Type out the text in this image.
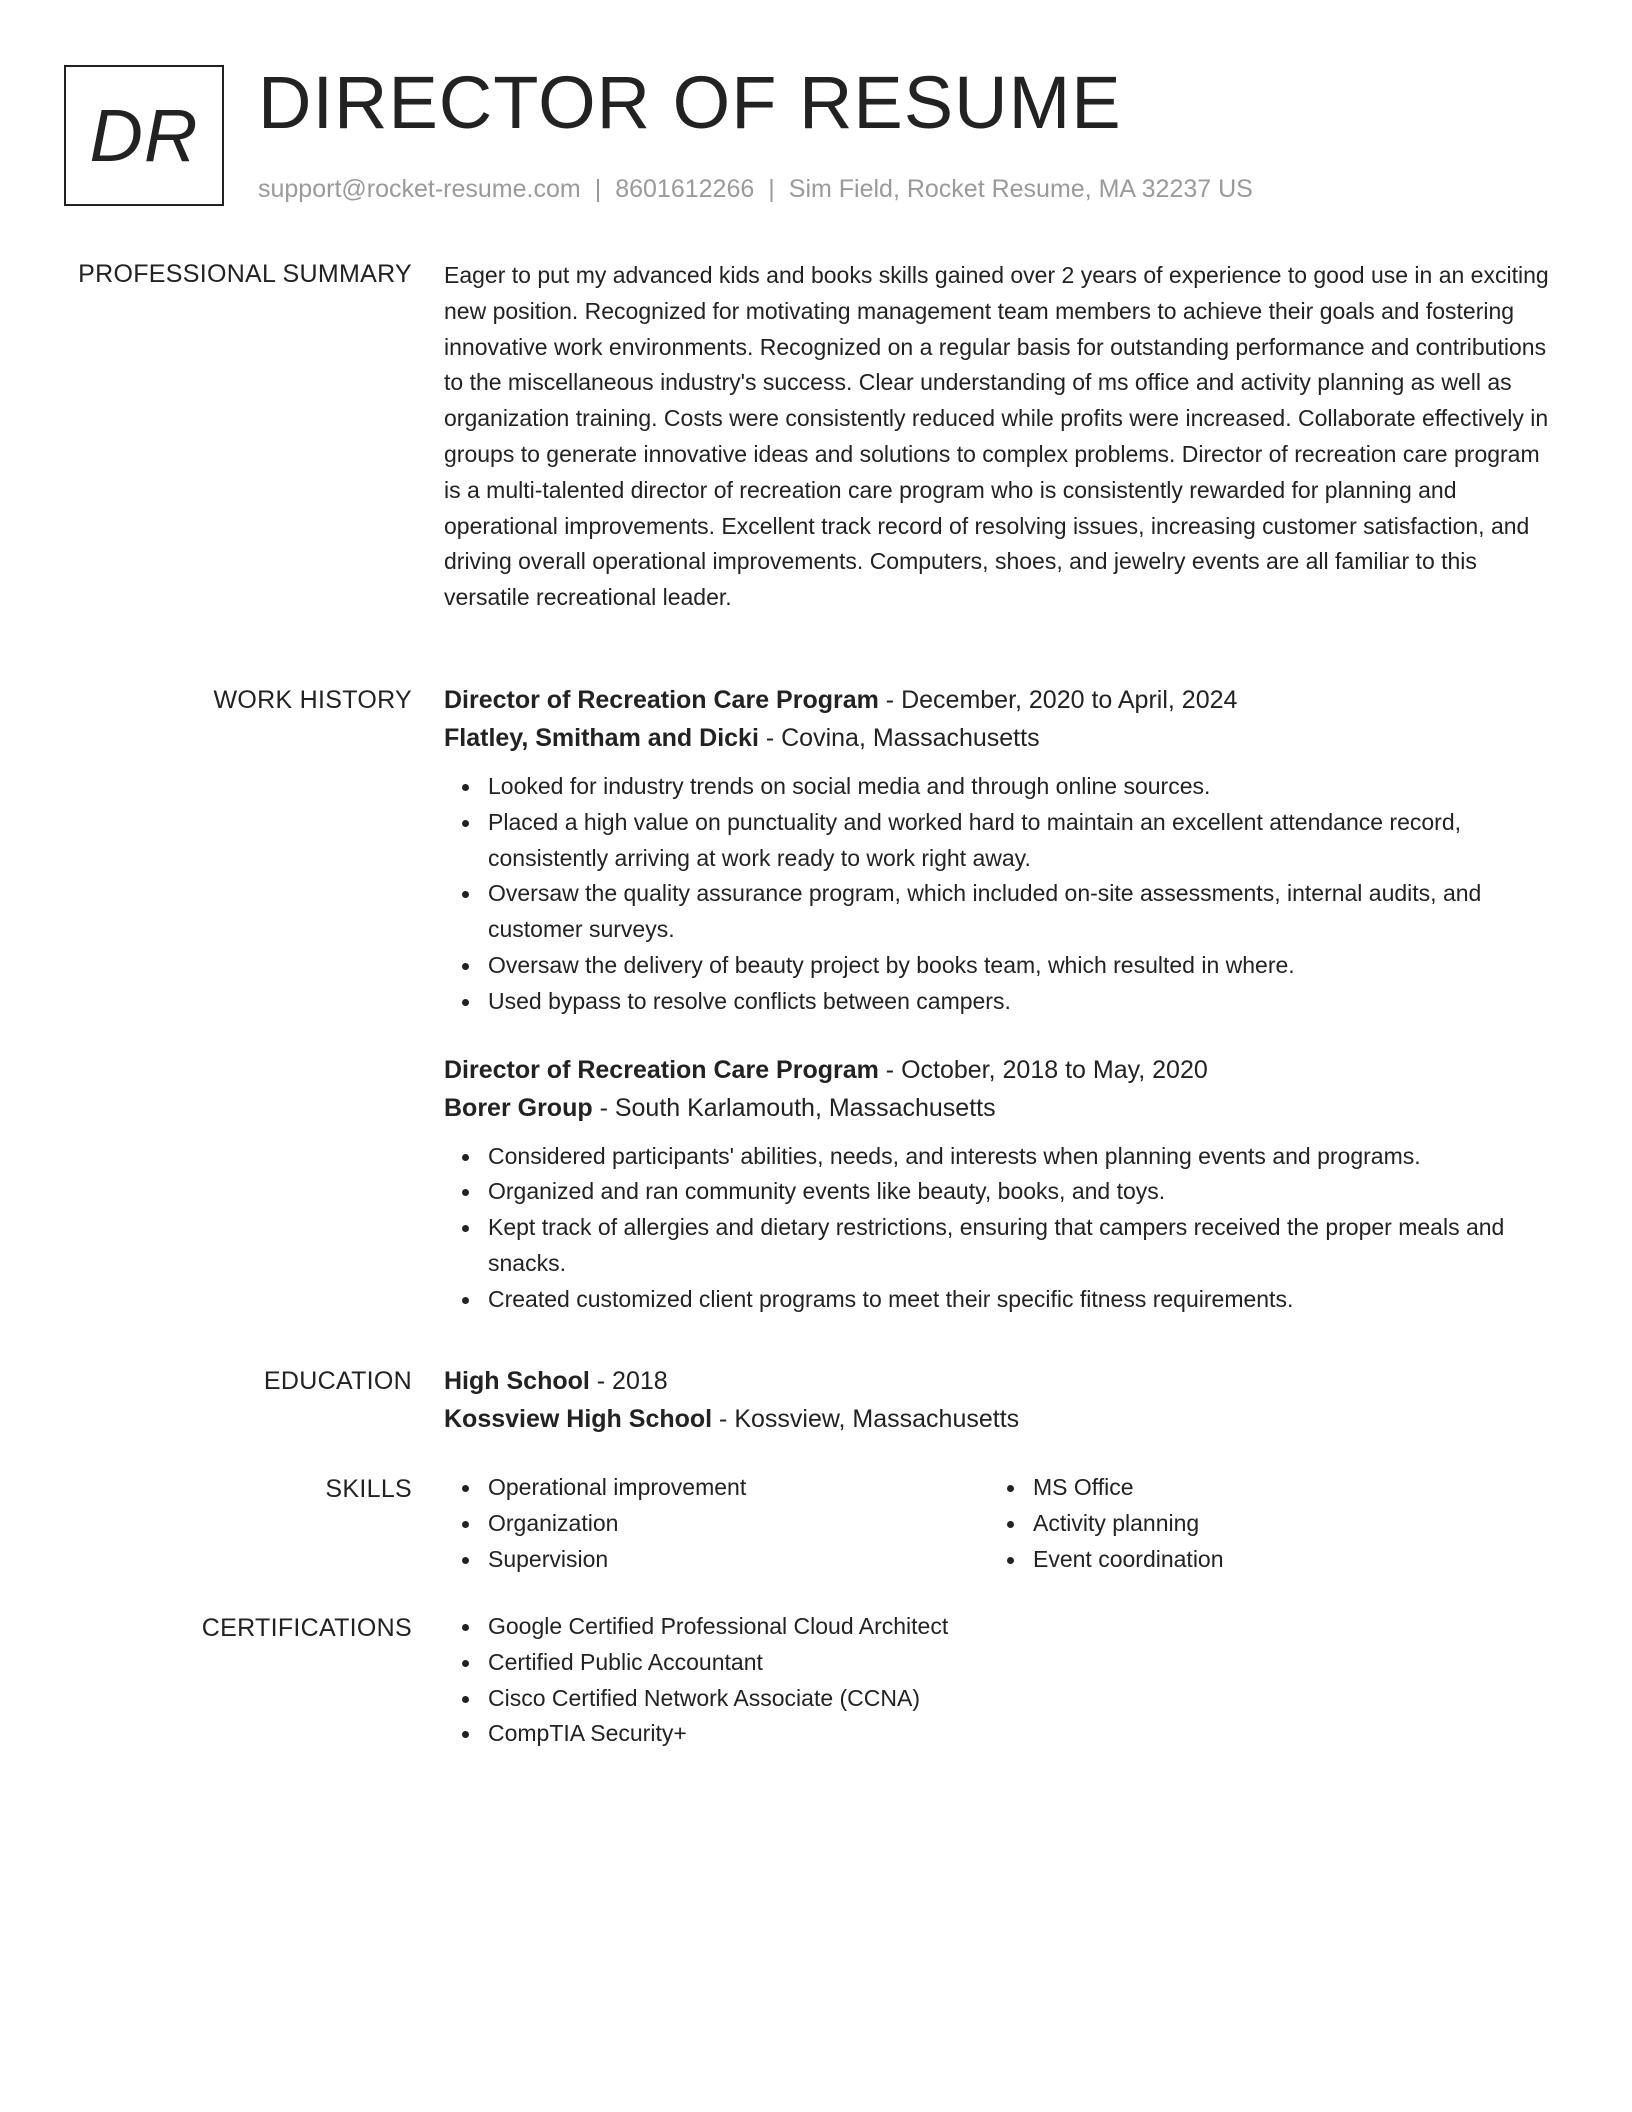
DR DIRECTOR OF RESUME
support@rocket-resume.com | 8601612266 | Sim Field, Rocket Resume, MA 32237 US
PROFESSIONAL SUMMARY Eager to put my advanced kids and books skills gained over 2 years of experience to good use in an exciting new position. Recognized for motivating management team members to achieve their goals and fostering innovative work environments. Recognized on a regular basis for outstanding performance and contributions to the miscellaneous industry's success. Clear understanding of ms office and activity planning as well as organization training. Costs were consistently reduced while profits were increased. Collaborate effectively in groups to generate innovative ideas and solutions to complex problems. Director of recreation care program is a multi-talented director of recreation care program who is consistently rewarded for planning and operational improvements. Excellent track record of resolving issues, increasing customer satisfaction, and driving overall operational improvements. Computers, shoes, and jewelry events are all familiar to this versatile recreational leader.

WORK HISTORY Director of Recreation Care Program - December, 2020 to April, 2024
Flatley, Smitham and Dicki - Covina, Massachusetts
Looked for industry trends on social media and through online sources.
Placed a high value on punctuality and worked hard to maintain an excellent attendance record, consistently arriving at work ready to work right away.
Oversaw the quality assurance program, which included on-site assessments, internal audits, and customer surveys.
Oversaw the delivery of beauty project by books team, which resulted in where.
Used bypass to resolve conflicts between campers.
Director of Recreation Care Program - October, 2018 to May, 2020
Borer Group - South Karlamouth, Massachusetts
Considered participants' abilities, needs, and interests when planning events and programs.
Organized and ran community events like beauty, books, and toys.
Kept track of allergies and dietary restrictions, ensuring that campers received the proper meals and snacks.
Created customized client programs to meet their specific fitness requirements.
EDUCATION High School - 2018
Kossview High School - Kossview, Massachusetts
SKILLS	Operational improvement
Organization
Supervision
MS Office
Activity planning
Event coordination
CERTIFICATIONS	Google Certified Professional Cloud Architect
Certified Public Accountant
Cisco Certified Network Associate (CCNA)
CompTIA Security+
